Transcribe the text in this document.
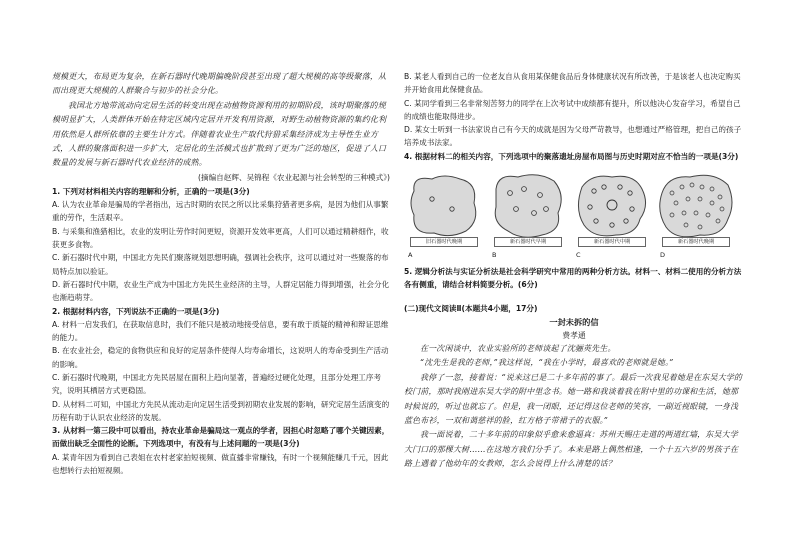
规模更大，布局更为复杂，在新石器时代晚期偏晚阶段甚至出现了超大规模的高等级聚落，从而出现更大规模的人群聚合与初步的社会分化。

我国北方地带流动向定居生活的转变出现在动植物资源利用的初期阶段，该时期聚落的规模明显扩大，人类群体开始在特定区域内定居并开发利用资源，对野生动植物资源的集约化利用依然是人群所依靠的主要生计方式。伴随着农业生产取代狩猎采集经济成为主导性生业方式，人群的聚落面积进一步扩大，定居化的生活模式也扩散到了更为广泛的地区，促进了人口数量的发展与新石器时代农业经济的成熟。

(摘编自赵辉、吴锦程《农业起源与社会转型的三种模式》)

1. 下列对材料相关内容的理解和分析，正确的一项是(3分)

A. 认为农业革命是骗局的学者指出，远古时期的农民之所以比采集狩猎者更多病，是因为他们从事繁重的劳作，生活艰辛。

B. 与采集和渔猎相比，农业的发明让劳作时间更短，资源开发效率更高，人们可以通过精耕细作，收获更多食物。

C. 新石器时代中期，中国北方先民们聚落规划思想明确，强调社会秩序，这可以通过对一些聚落的布局特点加以验证。

D. 新石器时代中期，农业生产成为中国北方先民生业经济的主导，人群定居能力得到增强，社会分化也渐趋萌芽。

2. 根据材料内容，下列说法不正确的一项是(3分)

A. 材料一启发我们，在获取信息时，我们不能只是被动地接受信息，要有敢于质疑的精神和辩证思维的能力。

B. 在农业社会，稳定的食物供应和良好的定居条件使得人均寿命增长，这说明人的寿命受到生产活动的影响。

C. 新石器时代晚期，中国北方先民居屋在面积上趋向显著，普遍经过硬化处理，且部分处理工序考究，说明其栖居方式更稳固。

D. 从材料二可知，中国北方先民从流动走向定居生活受到初期农业发展的影响，研究定居生活演变的历程有助于认识农业经济的发展。

3. 从材料一第三段中可以看出，持农业革命是骗局这一观点的学者，因担心时忽略了哪个关键因素，而做出缺乏全面性的论断。下列选项中，有没有与上述问题的一项是(3分)

A. 某青年因为看到自己表姐在农村老家拍短视频、做直播非常赚钱，有时一个视频能赚几千元，因此也想转行去拍短视频。

B. 某老人看到自己的一位老友自从食用某保健食品后身体健康状况有所改善，于是该老人也决定购买并开始食用此保健食品。

C. 某同学看到三名非常刻苦努力的同学在上次考试中成绩都有提升，所以他决心发奋学习，希望自己的成绩也能取得进步。

D. 某女士听到一书法家说自己有今天的成就是因为父母严苛教导，也想通过严格管理，把自己的孩子培养成书法家。

4. 根据材料二的相关内容，下列选项中的聚落遗址房屋布局图与历史时期对应不恰当的一项是(3分)

旧石器时代晚期
A
新石器时代早期
B
新石器时代中期
C
新石器时代晚期
D

5. 逻辑分析法与实证分析法是社会科学研究中常用的两种分析方法。材料一、材料二使用的分析方法各有侧重，请结合材料简要分析。(6分)

(二)现代文阅读Ⅱ(本题共4小题，17分)

一封未拆的信

费孝通

在一次闲谈中，农业实验所的老师谈起了沈骊英先生。

“沈先生是我的老师，”我这样说，“我在小学时，最喜欢的老师就是她。”

我停了一忽，接着说：“说来这已是二十多年前的事了。最后一次我见着她是在东吴大学的校门前，那时我刚进东吴大学的附中里念书。她一路和我谈着我在附中里的功课和生活，她那时候说的，听过也就忘了。但是，我一闭眼，还记得这位老师的笑容，一副近视眼镜，一身浅蓝色布衫，一双和蔼慈祥的脸，红方格子带裙子的衣服。”

我一面说着，二十多年前的印象似乎愈来愈逼真：苏州天赐庄走道的两道红墙，东吴大学大门口的那棵大树……在这地方我们分手了。本来是路上偶然相逢，一个十五六岁的男孩子在路上遇着了他幼年的女教师，怎么会说得上什么清楚的话？
